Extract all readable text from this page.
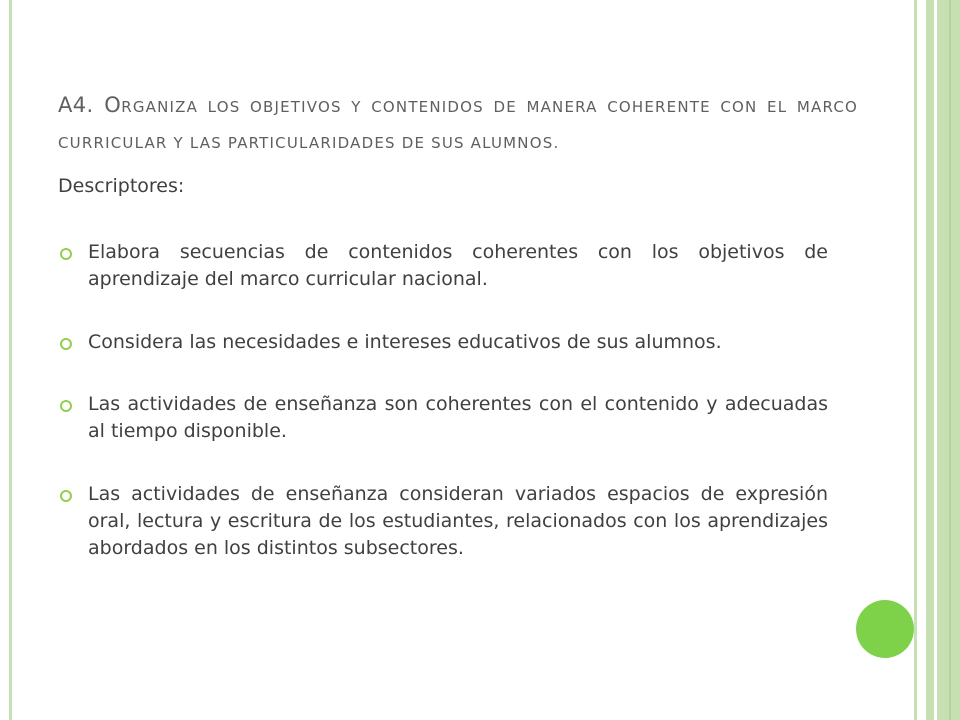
A4. ORGANIZA LOS OBJETIVOS Y CONTENIDOS DE MANERA COHERENTE CON EL MARCO CURRICULAR Y LAS PARTICULARIDADES DE SUS ALUMNOS.
Descriptores:
Elabora secuencias de contenidos coherentes con los objetivos de aprendizaje del marco curricular nacional.
Considera las necesidades e intereses educativos de sus alumnos.
Las actividades de enseñanza son coherentes con el contenido y adecuadas al tiempo disponible.
Las actividades de enseñanza consideran variados espacios de expresión oral, lectura y escritura de los estudiantes, relacionados con los aprendizajes abordados en los distintos subsectores.
